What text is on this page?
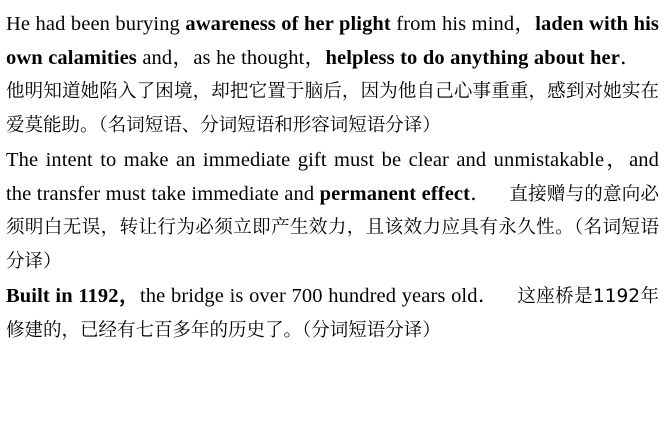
He had been burying awareness of her plight from his mind，laden with his own calamities and，as he thought，helpless to do anything about her．他明知道她陷入了困境，却把它置于脑后，因为他自己心事重重，感到对她实在爱莫能助。（名词短语、分词短语和形容词短语分译）

The intent to make an immediate gift must be clear and unmistakable，and the transfer must take immediate and permanent effect． 直接赠与的意向必须明白无误，转让行为必须立即产生效力，且该效力应具有永久性。（名词短语分译）

Built in 1192，the bridge is over 700 hundred years old． 这座桥是1192年修建的，已经有七百多年的历史了。（分词短语分译）
